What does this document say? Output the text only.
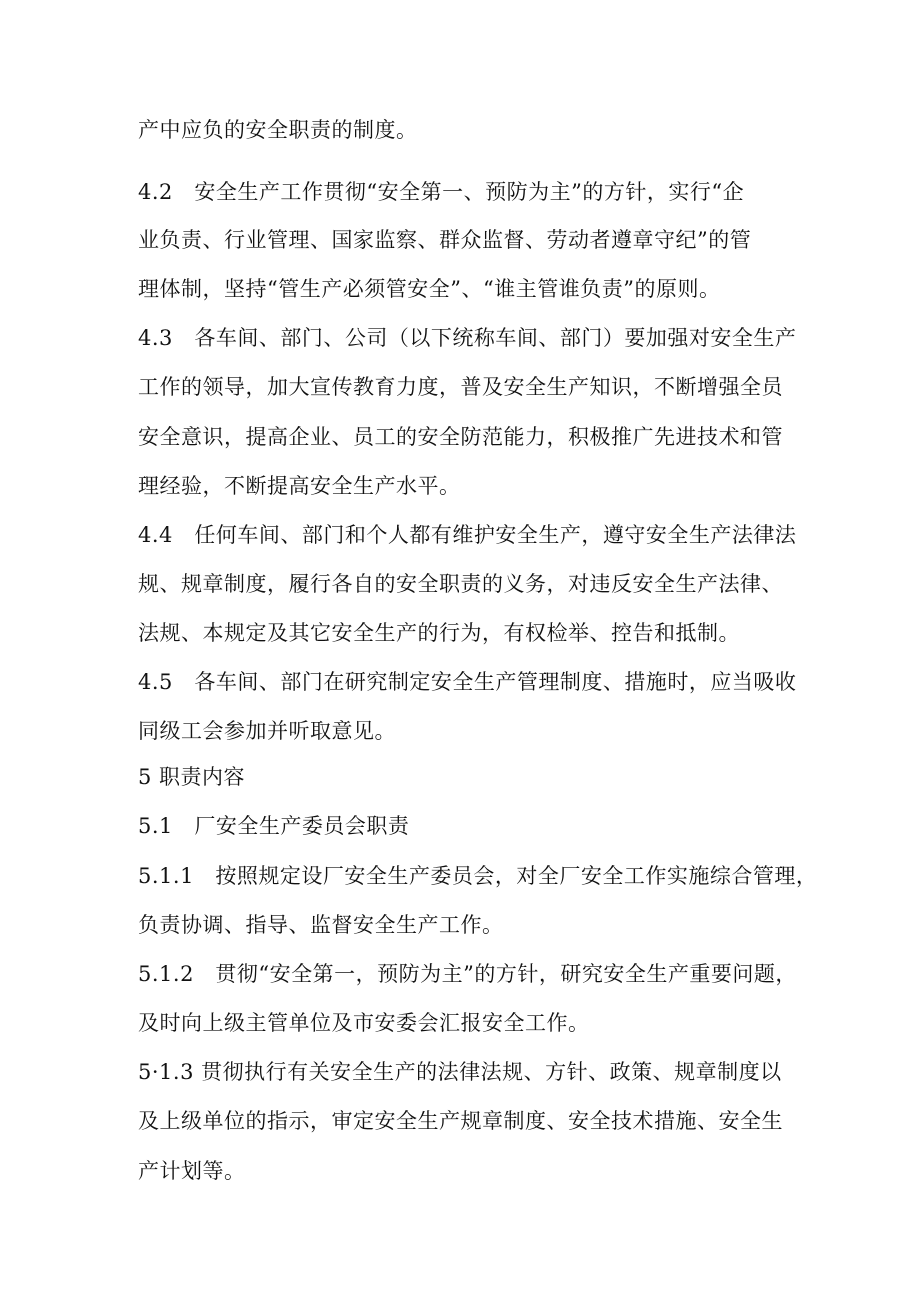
产中应负的安全职责的制度。
4.2　安全生产工作贯彻“安全第一、预防为主”的方针，实行“企
业负责、行业管理、国家监察、群众监督、劳动者遵章守纪”的管
理体制，坚持“管生产必须管安全”、“谁主管谁负责”的原则。
4.3　各车间、部门、公司（以下统称车间、部门）要加强对安全生产
工作的领导，加大宣传教育力度，普及安全生产知识，不断增强全员
安全意识，提高企业、员工的安全防范能力，积极推广先进技术和管
理经验，不断提高安全生产水平。
4.4　任何车间、部门和个人都有维护安全生产，遵守安全生产法律法
规、规章制度，履行各自的安全职责的义务，对违反安全生产法律、
法规、本规定及其它安全生产的行为，有权检举、控告和抵制。
4.5　各车间、部门在研究制定安全生产管理制度、措施时，应当吸收
同级工会参加并听取意见。
5 职责内容
5.1　厂安全生产委员会职责
5.1.1　按照规定设厂安全生产委员会，对全厂安全工作实施综合管理，
负责协调、指导、监督安全生产工作。
5.1.2　贯彻“安全第一，预防为主”的方针，研究安全生产重要问题，
及时向上级主管单位及市安委会汇报安全工作。
5·1.3 贯彻执行有关安全生产的法律法规、方针、政策、规章制度以
及上级单位的指示，审定安全生产规章制度、安全技术措施、安全生
产计划等。
